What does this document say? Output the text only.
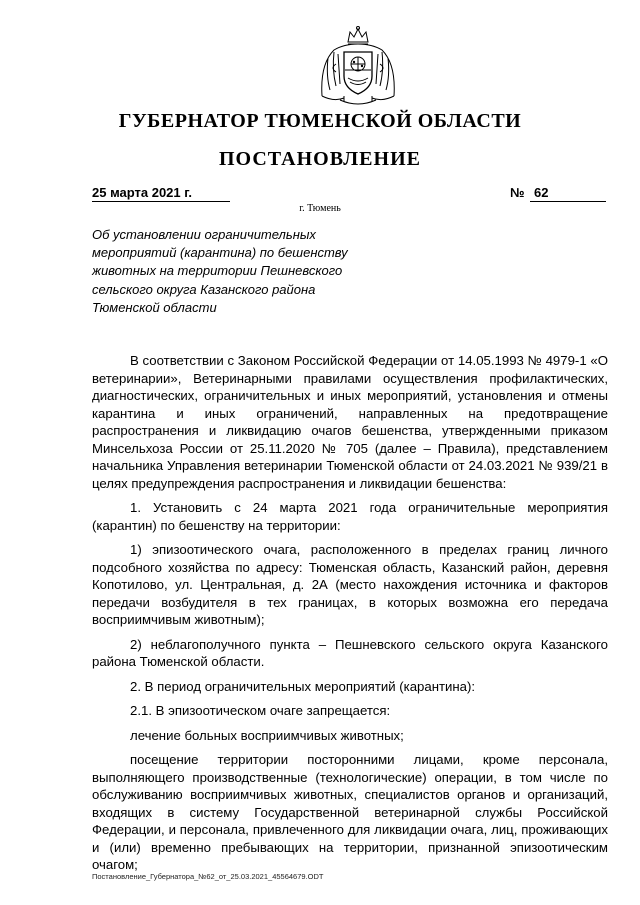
ГУБЕРНАТОР ТЮМЕНСКОЙ ОБЛАСТИ
ПОСТАНОВЛЕНИЕ
25 марта 2021 г.	№ 62
г. Тюмень
Об установлении ограничительных мероприятий (карантина) по бешенству животных на территории Пешневского сельского округа Казанского района Тюменской области

В соответствии с Законом Российской Федерации от 14.05.1993 № 4979-1 «О ветеринарии», Ветеринарными правилами осуществления профилактических, диагностических, ограничительных и иных мероприятий, установления и отмены карантина и иных ограничений, направленных на предотвращение распространения и ликвидацию очагов бешенства, утвержденными приказом Минсельхоза России от 25.11.2020 № 705 (далее – Правила), представлением начальника Управления ветеринарии Тюменской области от 24.03.2021 № 939/21 в целях предупреждения распространения и ликвидации бешенства:

1. Установить с 24 марта 2021 года ограничительные мероприятия (карантин) по бешенству на территории:

1) эпизоотического очага, расположенного в пределах границ личного подсобного хозяйства по адресу: Тюменская область, Казанский район, деревня Копотилово, ул. Центральная, д. 2А (место нахождения источника и факторов передачи возбудителя в тех границах, в которых возможна его передача восприимчивым животным);

2) неблагополучного пункта – Пешневского сельского округа Казанского района Тюменской области.

2. В период ограничительных мероприятий (карантина):

2.1. В эпизоотическом очаге запрещается:

лечение больных восприимчивых животных;

посещение территории посторонними лицами, кроме персонала, выполняющего производственные (технологические) операции, в том числе по обслуживанию восприимчивых животных, специалистов органов и организаций, входящих в систему Государственной ветеринарной службы Российской Федерации, и персонала, привлеченного для ликвидации очага, лиц, проживающих и (или) временно пребывающих на территории, признанной эпизоотическим очагом;

Постановление_Губернатора_№62_от_25.03.2021_45564679.ODT
